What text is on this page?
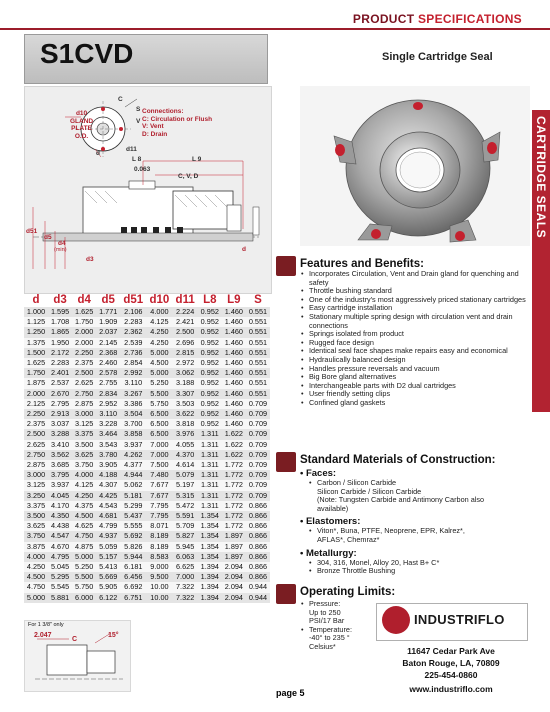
PRODUCT SPECIFICATIONS
S1CVD	Single Cartridge Seal
CARTRIDGE SEALS
Connections:
C: Circulation or Flush
V: Vent
D: Drain
d10
GLAND
PLATE
O.D.
C
S
V
d
d11
L 8	L 9
0.063
C, V, D
d51
d5
d4
(min)
d3
d
d	d3	d4	d5	d51	d10	d11	L8	L9	S
1.000	1.595	1.625	1.771	2.106	4.000	2.224	0.952	1.460	0.551
1.125	1.708	1.750	1.909	2.283	4.125	2.421	0.952	1.460	0.551
1.250	1.865	2.000	2.037	2.362	4.250	2.500	0.952	1.460	0.551
1.375	1.950	2.000	2.145	2.539	4.250	2.696	0.952	1.460	0.551
1.500	2.172	2.250	2.368	2.736	5.000	2.815	0.952	1.460	0.551
1.625	2.283	2.375	2.460	2.854	4.500	2.972	0.952	1.460	0.551
1.750	2.401	2.500	2.578	2.992	5.000	3.062	0.952	1.460	0.551
1.875	2.537	2.625	2.755	3.110	5.250	3.188	0.952	1.460	0.551
2.000	2.670	2.750	2.834	3.267	5.500	3.307	0.952	1.460	0.551
2.125	2.795	2.875	2.952	3.386	5.750	3.503	0.952	1.460	0.709
2.250	2.913	3.000	3.110	3.504	6.500	3.622	0.952	1.460	0.709
2.375	3.037	3.125	3.228	3.700	6.500	3.818	0.952	1.460	0.709
2.500	3.288	3.375	3.464	3.858	6.500	3.976	1.311	1.622	0.709
2.625	3.410	3.500	3.543	3.937	7.000	4.055	1.311	1.622	0.709
2.750	3.562	3.625	3.780	4.262	7.000	4.370	1.311	1.622	0.709
2.875	3.685	3.750	3.905	4.377	7.500	4.614	1.311	1.772	0.709
3.000	3.795	4.000	4.188	4.944	7.480	5.079	1.311	1.772	0.709
3.125	3.937	4.125	4.307	5.062	7.677	5.197	1.311	1.772	0.709
3.250	4.045	4.250	4.425	5.181	7.677	5.315	1.311	1.772	0.709
3.375	4.170	4.375	4.543	5.299	7.795	5.472	1.311	1.772	0.866
3.500	4.350	4.500	4.681	5.437	7.795	5.591	1.354	1.772	0.866
3.625	4.438	4.625	4.799	5.555	8.071	5.709	1.354	1.772	0.866
3.750	4.547	4.750	4.937	5.692	8.189	5.827	1.354	1.897	0.866
3.875	4.670	4.875	5.059	5.826	8.189	5.945	1.354	1.897	0.866
4.000	4.795	5.000	5.157	5.944	8.583	6.063	1.354	1.897	0.866
4.250	5.045	5.250	5.413	6.181	9.000	6.625	1.394	2.094	0.866
4.500	5.295	5.500	5.669	6.456	9.500	7.000	1.394	2.094	0.866
4.750	5.545	5.750	5.905	6.692	10.00	7.322	1.394	2.094	0.944
5.000	5.881	6.000	6.122	6.751	10.00	7.322	1.394	2.094	0.944
For 1 3/8" only
2.047
C
15°
Features and Benefits:
• Incorporates Circulation, Vent and Drain gland for quenching and safety
• Throttle bushing standard
• One of the industry's most aggressively priced stationary cartridges
• Easy cartridge installation
• Stationary multiple spring design with circulation vent and drain connections
• Springs isolated from product
• Rugged face design
• Identical seal face shapes make repairs easy and economical
• Hydraulically balanced design
• Handles pressure reversals and vacuum
• Big Bore gland alternatives
• Interchangeable parts with D2 dual cartridges
• User friendly setting clips
• Confined gland gaskets
Standard Materials of Construction:
• Faces:
• Carbon / Silicon Carbide
Silicon Carbide / Silicon Carbide
(Note: Tungsten Carbide and Antimony Carbon also
available)
• Elastomers:
• Viton*, Buna, PTFE, Neoprene, EPR, Kalrez*,
AFLAS*, Chemraz*
• Metallurgy:
• 304, 316, Monel, Alloy 20, Hast B+ C*
• Bronze Throttle Bushing
Operating Limits:
• Pressure:
Up to 250
PSI/17 Bar
• Temperature:
-40° to 235 °
Celsius*
INDUSTRIFLO
11647 Cedar Park Ave
Baton Rouge, LA, 70809
225-454-0860
www.industriflo.com
page 5
